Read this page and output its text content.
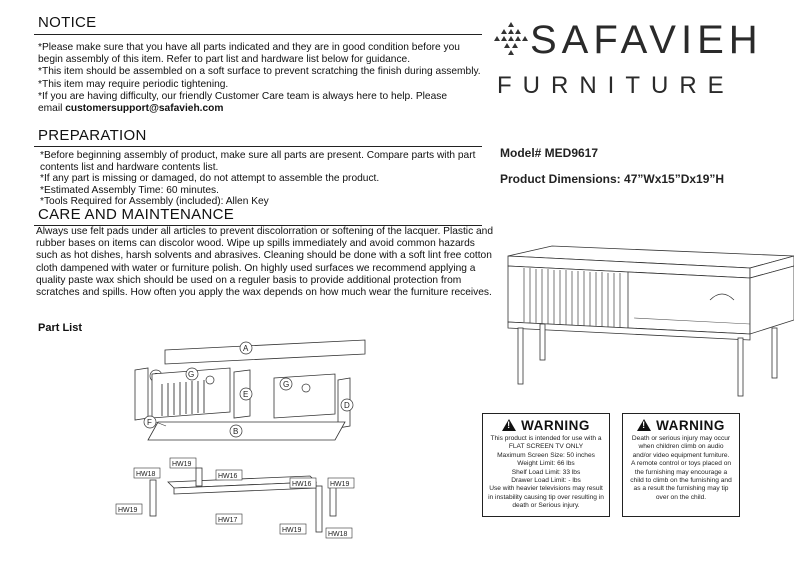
NOTICE

*Please make sure that you have all parts indicated and they are in good condition before you begin assembly of this item. Refer to part list and hardware list below for guidance.

*This item should be assembled on a soft surface to prevent scratching the finish during assembly.

*This item may require periodic tightening.

*If you are having difficulty, our friendly Customer Care team is always here to help. Please

email customersupport@safavieh.com

PREPARATION

*Before beginning assembly of product, make sure all parts are present. Compare parts with part contents list and hardware contents list.

*If any part is missing or damaged, do not attempt to assemble the product.

*Estimated Assembly Time: 60 minutes.

*Tools Required for Assembly (included): Allen Key

CARE AND MAINTENANCE
Always use felt pads under all articles to prevent discolorration or softening of the lacquer. Plastic and rubber bases on items can discolor wood. Wipe up spills immediately and avoid common hazards such as hot dishes, harsh solvents and abrasives. Cleaning should be done with a soft lint free cotton cloth dampened with water or furniture polish. On highly used surfaces we recommend applying a quality paste wax shich should be used on a reguler basis to provide additional protection from scratches and spills. How often you apply the wax depends on how much wear the furniture receives.
Part List
A
G
E
G
D
B
F
HW18
HW19
HW16
HW19
HW16	HW19
HW17
HW19
HW18
SAFAVIEH
FURNITURE
Model# MED9617
Product Dimensions: 47”Wx15”Dx19”H
!WARNING
This product is intended for use with a
FLAT SCREEN TV ONLY
Maximum Screen Size: 50 inches
Weight Limit: 66 lbs
Shelf Load Limit: 33 lbs
Drawer Load Limit: - lbs
Use with heavier televisions may result
in instability causing tip over resulting in
death or Serious injury.
!WARNING
Death or serious injury may occur
when children climb on audio
and/or video equipment furniture.
A remote control or toys placed on
the furnishing may encourage a
child to climb on the furnishing and
as a result the furnishing may tip
over on the child.
